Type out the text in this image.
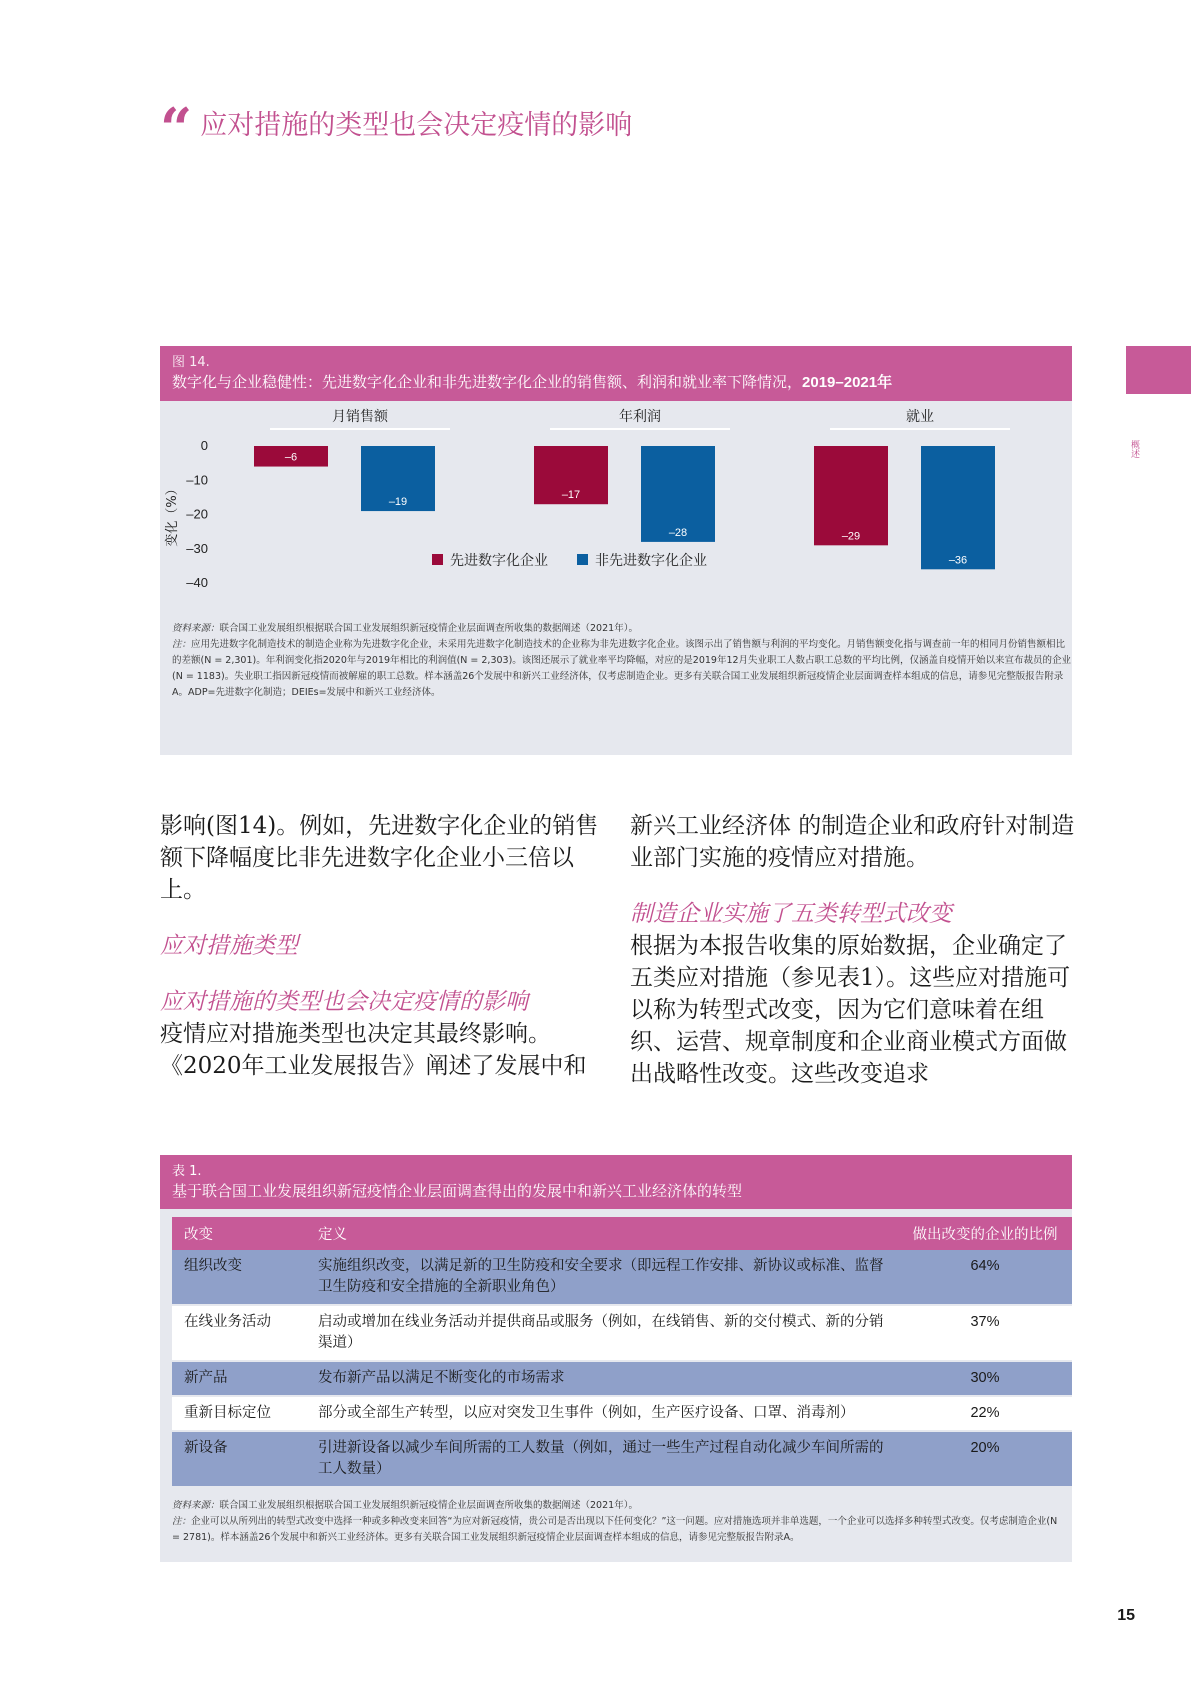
“ 应对措施的类型也会决定疫情的影响
概述
图 14.
数字化与企业稳健性：先进数字化企业和非先进数字化企业的销售额、利润和就业率下降情况，2019–2021年
0
–10
–20
–30
–40
变化（%）
月销售额
–6
–19
年利润
–17
–28
就业
–29
–36
先进数字化企业	非先进数字化企业
资料来源：联合国工业发展组织根据联合国工业发展组织新冠疫情企业层面调查所收集的数据阐述（2021年）。
注：应用先进数字化制造技术的制造企业称为先进数字化企业，未采用先进数字化制造技术的企业称为非先进数字化企业。该图示出了销售额与利润的平均变化。月销售额变化指与调查前一年的相同月份销售额相比的差额(N = 2,301)。年利润变化指2020年与2019年相比的利润值(N = 2,303)。该图还展示了就业率平均降幅，对应的是2019年12月失业职工人数占职工总数的平均比例，仅涵盖自疫情开始以来宣布裁员的企业(N = 1183)。失业职工指因新冠疫情而被解雇的职工总数。样本涵盖26个发展中和新兴工业经济体，仅考虑制造企业。更多有关联合国工业发展组织新冠疫情企业层面调查样本组成的信息，请参见完整版报告附录A。ADP=先进数字化制造；DEIEs=发展中和新兴工业经济体。

影响(图14)。例如，先进数字化企业的销售额下降幅度比非先进数字化企业小三倍以上。

应对措施类型

应对措施的类型也会决定疫情的影响

疫情应对措施类型也决定其最终影响。《2020年工业发展报告》阐述了发展中和

新兴工业经济体 的制造企业和政府针对制造业部门实施的疫情应对措施。

制造企业实施了五类转型式改变

根据为本报告收集的原始数据，企业确定了五类应对措施（参见表1）。这些应对措施可以称为转型式改变，因为它们意味着在组织、运营、规章制度和企业商业模式方面做出战略性改变。这些改变追求

表 1.
基于联合国工业发展组织新冠疫情企业层面调查得出的发展中和新兴工业经济体的转型
改变	定义	做出改变的企业的比例
组织改变	实施组织改变，以满足新的卫生防疫和安全要求（即远程工作安排、新协议或标准、监督卫生防疫和安全措施的全新职业角色）	64%
在线业务活动	启动或增加在线业务活动并提供商品或服务（例如，在线销售、新的交付模式、新的分销渠道）	37%
新产品	发布新产品以满足不断变化的市场需求	30%
重新目标定位	部分或全部生产转型，以应对突发卫生事件（例如，生产医疗设备、口罩、消毒剂）	22%
新设备	引进新设备以减少车间所需的工人数量（例如，通过一些生产过程自动化减少车间所需的工人数量）	20%
资料来源：联合国工业发展组织根据联合国工业发展组织新冠疫情企业层面调查所收集的数据阐述（2021年）。
注：企业可以从所列出的转型式改变中选择一种或多种改变来回答“为应对新冠疫情，贵公司是否出现以下任何变化？”这一问题。应对措施选项并非单选题，一个企业可以选择多种转型式改变。仅考虑制造企业(N = 2781)。样本涵盖26个发展中和新兴工业经济体。更多有关联合国工业发展组织新冠疫情企业层面调查样本组成的信息，请参见完整版报告附录A。
15
